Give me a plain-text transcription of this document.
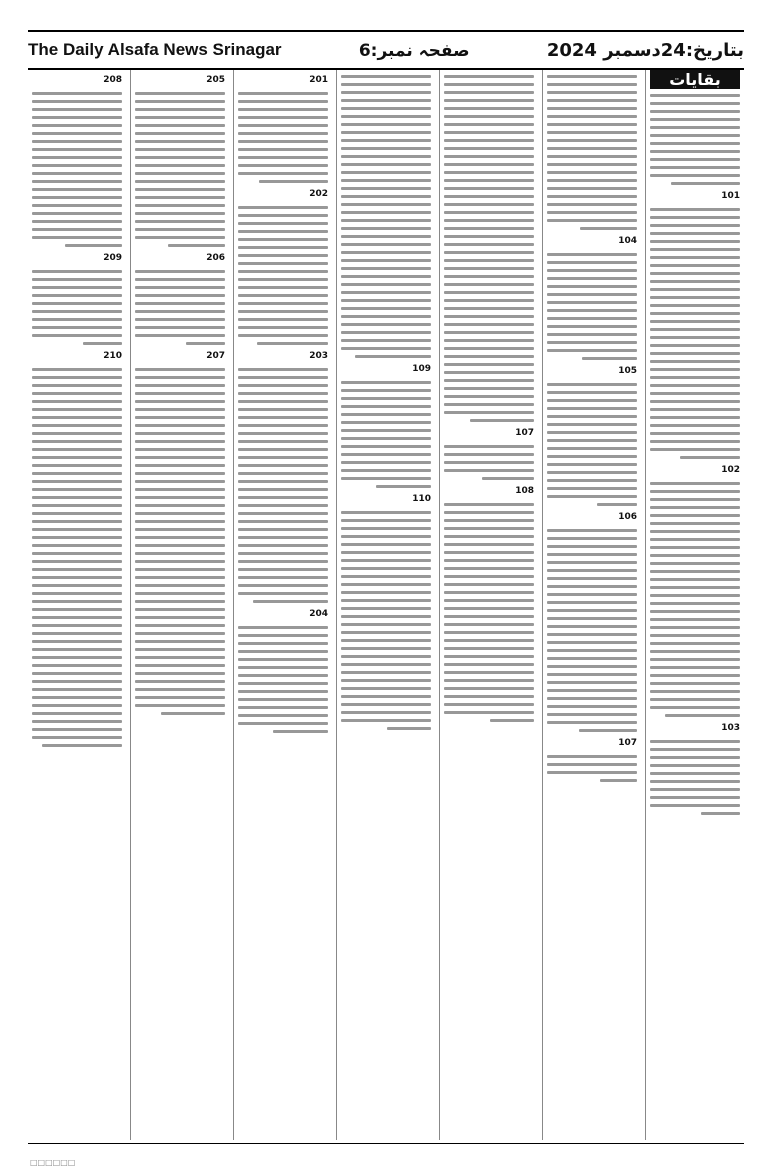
The Daily Alsafa News Srinagar	صفحہ نمبر:6	بتاریخ:24دسمبر 2024
بقایات
101
102
103
104
105
106
107
107
108
109
110
201
202
203
204
205
206
207
208
209
210
□□□□□□
